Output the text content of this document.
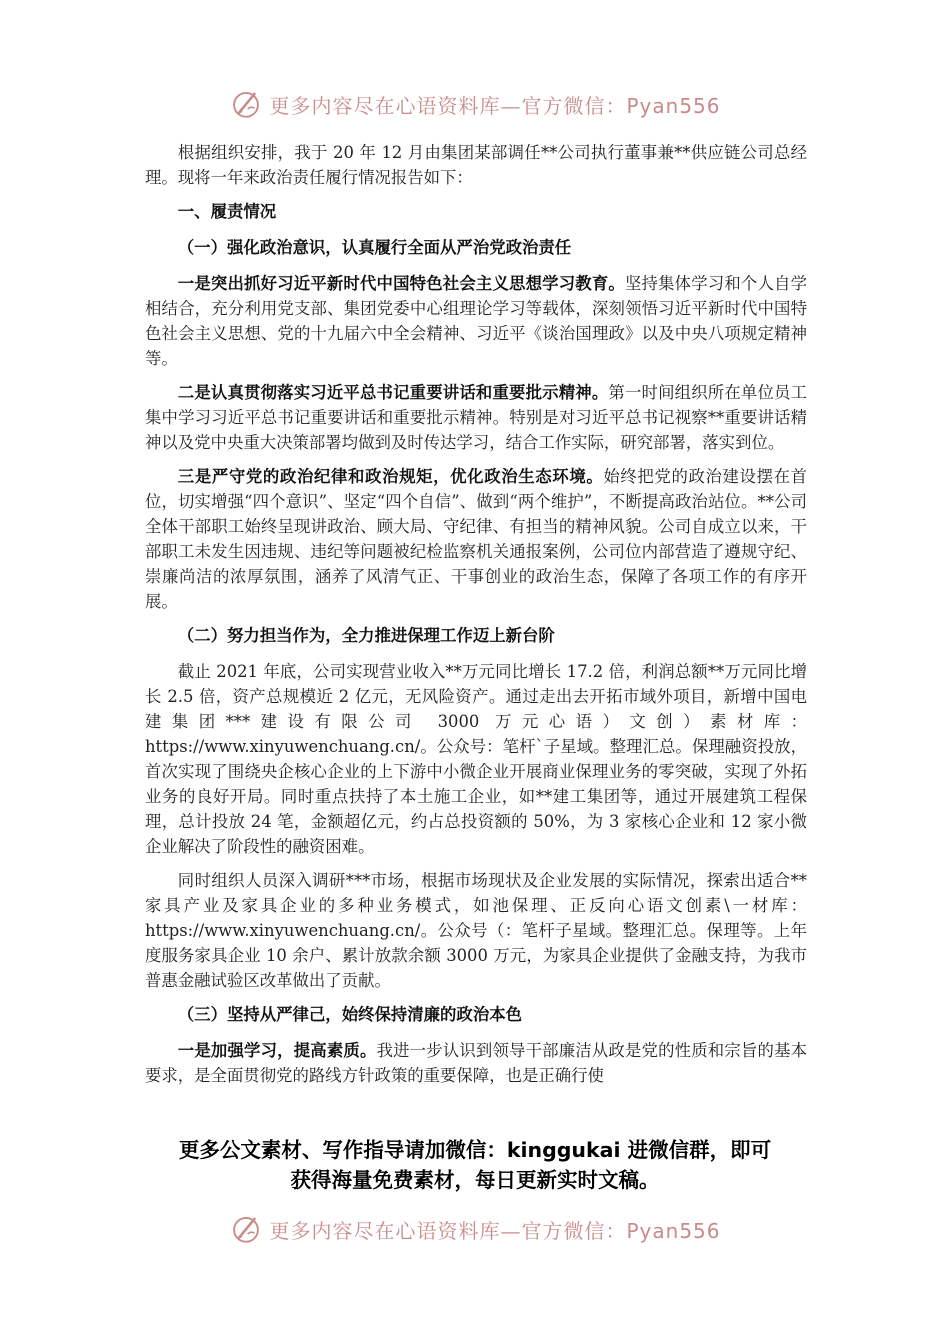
更多内容尽在心语资料库—官方微信：Pyan556

根据组织安排，我于 20 年 12 月由集团某部调任**公司执行董事兼**供应链公司总经理。现将一年来政治责任履行情况报告如下：

一、履责情况

（一）强化政治意识，认真履行全面从严治党政治责任

一是突出抓好习近平新时代中国特色社会主义思想学习教育。坚持集体学习和个人自学相结合，充分利用党支部、集团党委中心组理论学习等载体，深刻领悟习近平新时代中国特色社会主义思想、党的十九届六中全会精神、习近平《谈治国理政》以及中央八项规定精神等。

二是认真贯彻落实习近平总书记重要讲话和重要批示精神。第一时间组织所在单位员工集中学习习近平总书记重要讲话和重要批示精神。特别是对习近平总书记视察**重要讲话精神以及党中央重大决策部署均做到及时传达学习，结合工作实际，研究部署，落实到位。

三是严守党的政治纪律和政治规矩，优化政治生态环境。始终把党的政治建设摆在首位，切实增强“四个意识”、坚定“四个自信”、做到“两个维护”，不断提高政治站位。**公司全体干部职工始终呈现讲政治、顾大局、守纪律、有担当的精神风貌。公司自成立以来，干部职工未发生因违规、违纪等问题被纪检监察机关通报案例，公司位内部营造了遵规守纪、崇廉尚洁的浓厚氛围，涵养了风清气正、干事创业的政治生态，保障了各项工作的有序开展。

（二）努力担当作为，全力推进保理工作迈上新台阶

截止 2021 年底，公司实现营业收入**万元同比增长 17.2 倍，利润总额**万元同比增长 2.5 倍，资产总规模近 2 亿元，无风险资产。通过走出去开拓市域外项目，新增中国电建集团***建设有限公司 3000 万元心语）文创）素材库：https://www.xinyuwenchuang.cn/。公众号：笔杆`子星域。整理汇总。保理融资投放，首次实现了围绕央企核心企业的上下游中小微企业开展商业保理业务的零突破，实现了外拓业务的良好开局。同时重点扶持了本土施工企业，如**建工集团等，通过开展建筑工程保理，总计投放 24 笔，金额超亿元，约占总投资额的 50%，为 3 家核心企业和 12 家小微企业解决了阶段性的融资困难。

同时组织人员深入调研***市场，根据市场现状及企业发展的实际情况，探索出适合**家具产业及家具企业的多种业务模式，如池保理、正反向心语文创素\一材库：https://www.xinyuwenchuang.cn/。公众号（：笔杆子星域。整理汇总。保理等。上年度服务家具企业 10 余户、累计放款余额 3000 万元，为家具企业提供了金融支持，为我市普惠金融试验区改革做出了贡献。

（三）坚持从严律己，始终保持清廉的政治本色

一是加强学习，提高素质。我进一步认识到领导干部廉洁从政是党的性质和宗旨的基本要求，是全面贯彻党的路线方针政策的重要保障，也是正确行使

更多公文素材、写作指导请加微信：kinggukai 进微信群，即可
获得海量免费素材，每日更新实时文稿。
更多内容尽在心语资料库—官方微信：Pyan556
